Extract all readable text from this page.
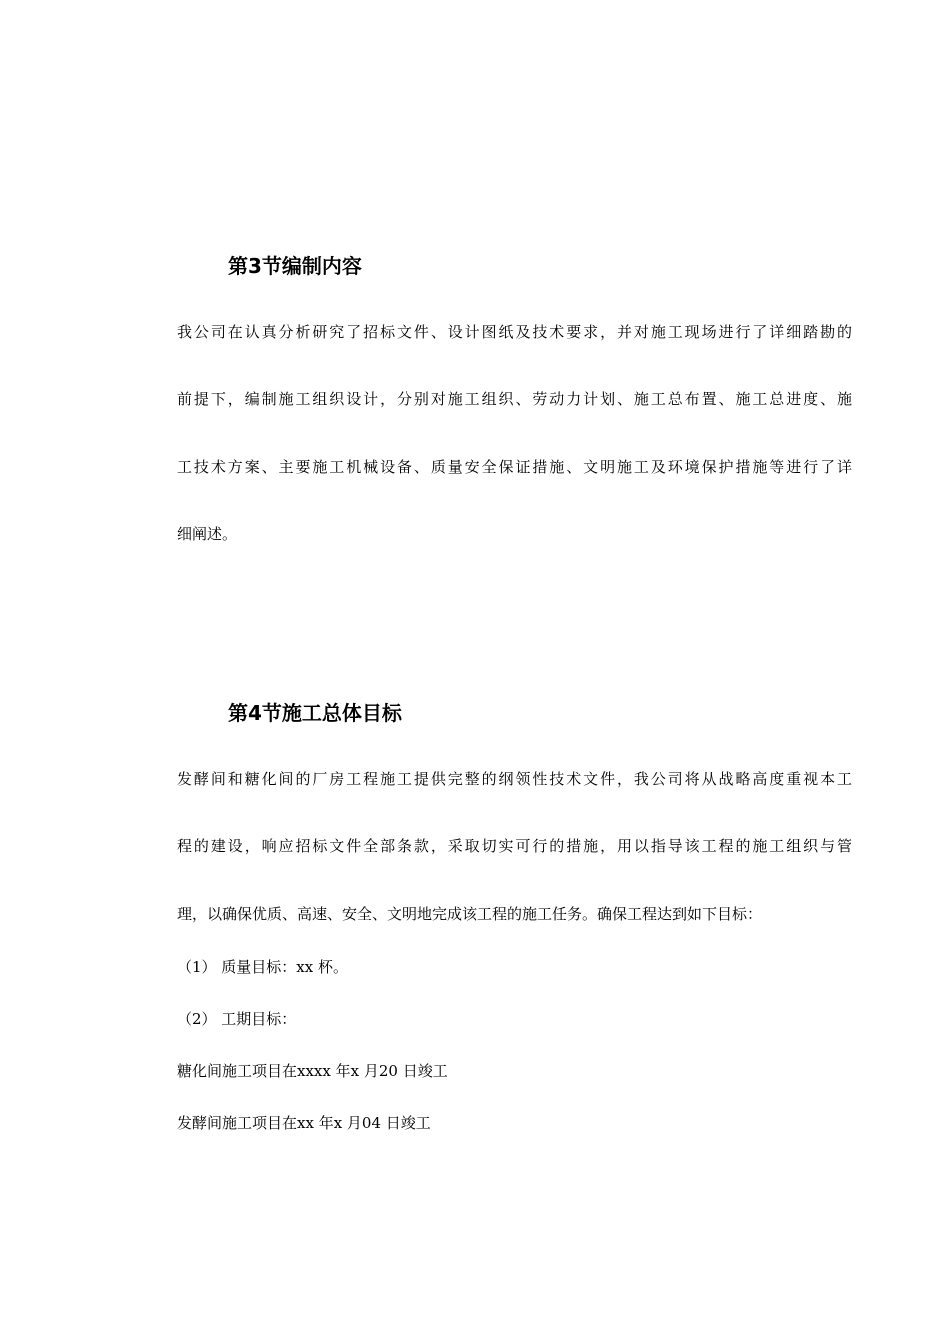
第3节编制内容

我公司在认真分析研究了招标文件、设计图纸及技术要求，并对施工现场进行了详细踏勘的

前提下，编制施工组织设计，分别对施工组织、劳动力计划、施工总布置、施工总进度、施

工技术方案、主要施工机械设备、质量安全保证措施、文明施工及环境保护措施等进行了详

细阐述。

第4节施工总体目标

发酵间和糖化间的厂房工程施工提供完整的纲领性技术文件，我公司将从战略高度重视本工

程的建设，响应招标文件全部条款，采取切实可行的措施，用以指导该工程的施工组织与管

理，以确保优质、高速、安全、文明地完成该工程的施工任务。确保工程达到如下目标：

（1） 质量目标：xx 杯。

（2） 工期目标：

糖化间施工项目在xxxx 年x 月20 日竣工

发酵间施工项目在xx 年x 月04 日竣工
